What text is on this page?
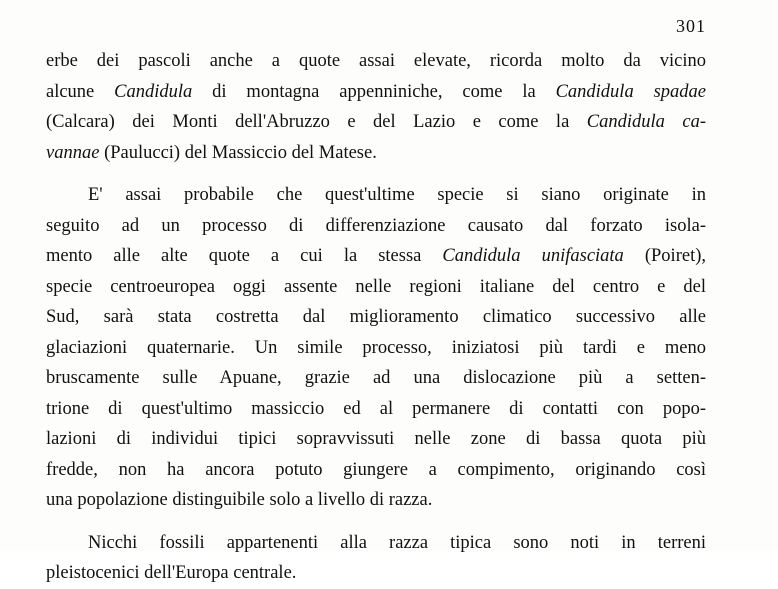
301
erbe dei pascoli anche a quote assai elevate, ricorda molto da vicino
alcune Candidula di montagna appenniniche, come la Candidula spadae
(Calcara) dei Monti dell'Abruzzo e del Lazio e come la Candidula ca-
vannae (Paulucci) del Massiccio del Matese.
E' assai probabile che quest'ultime specie si siano originate in
seguito ad un processo di differenziazione causato dal forzato isola-
mento alle alte quote a cui la stessa Candidula unifasciata (Poiret),
specie centroeuropea oggi assente nelle regioni italiane del centro e del
Sud, sarà stata costretta dal miglioramento climatico successivo alle
glaciazioni quaternarie. Un simile processo, iniziatosi più tardi e meno
bruscamente sulle Apuane, grazie ad una dislocazione più a setten-
trione di quest'ultimo massiccio ed al permanere di contatti con popo-
lazioni di individui tipici sopravvissuti nelle zone di bassa quota più
fredde, non ha ancora potuto giungere a compimento, originando così
una popolazione distinguibile solo a livello di razza.
Nicchi fossili appartenenti alla razza tipica sono noti in terreni
pleistocenici dell'Europa centrale.
